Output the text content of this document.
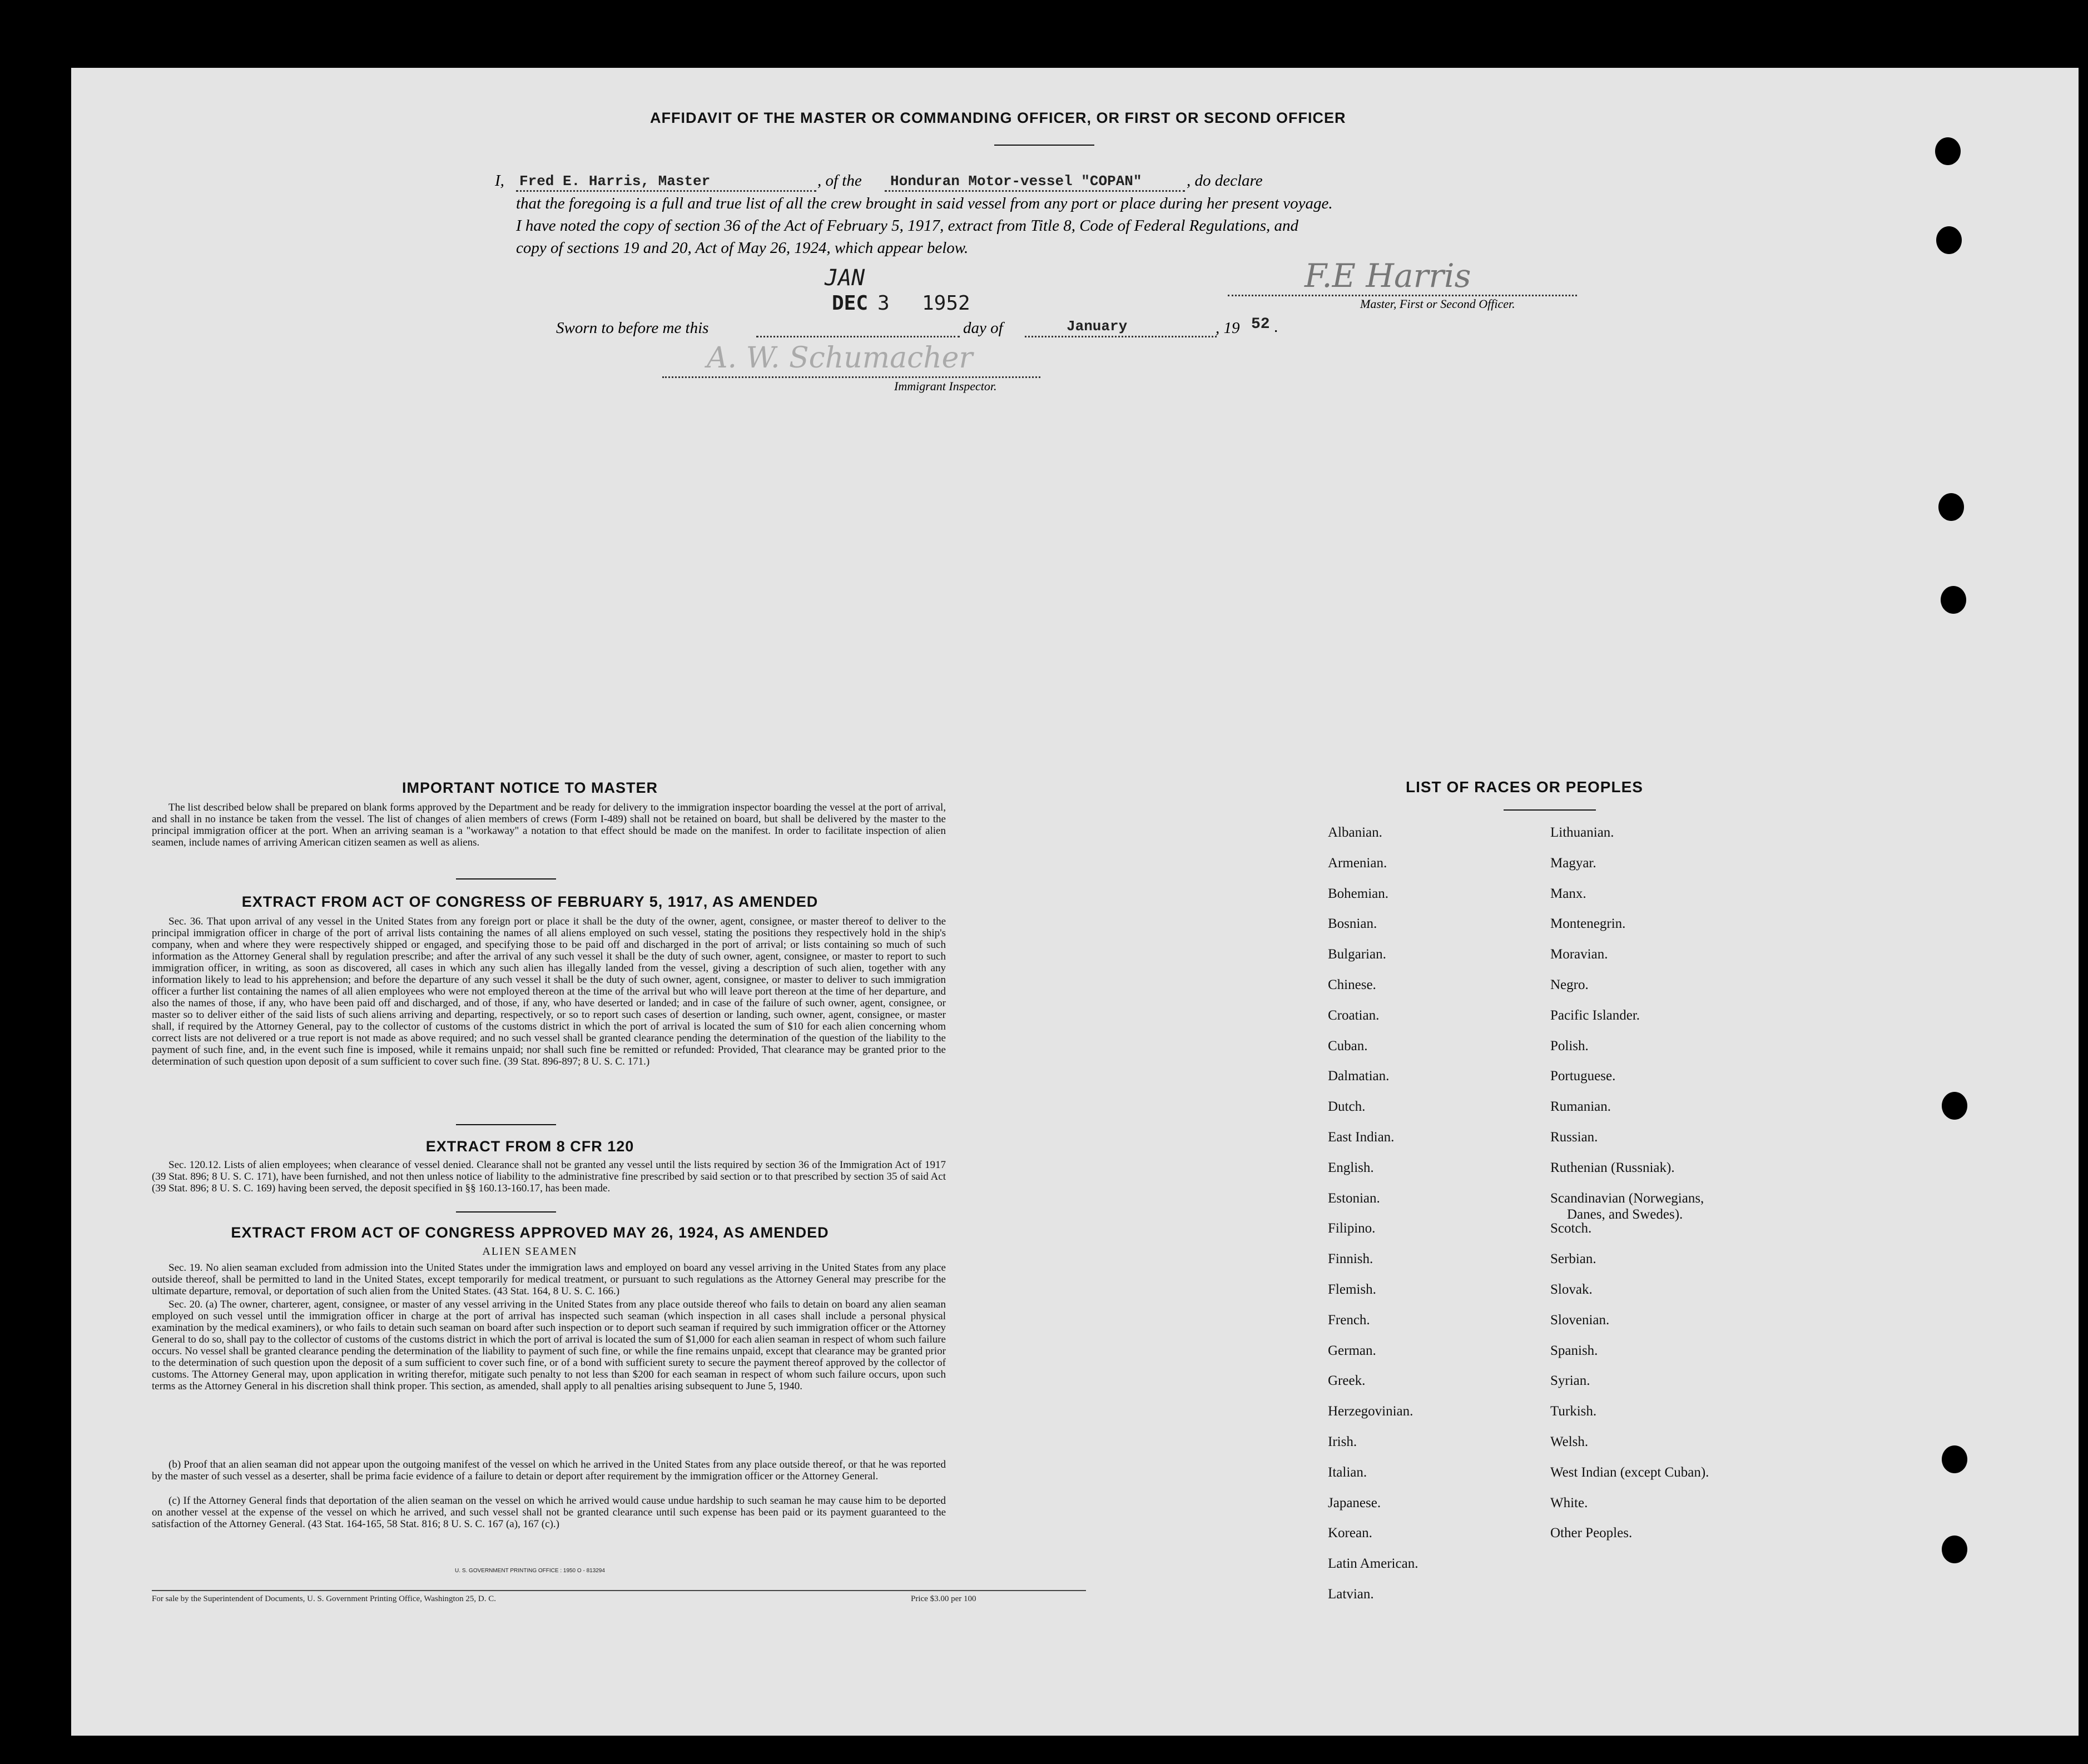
AFFIDAVIT OF THE MASTER OR COMMANDING OFFICER, OR FIRST OR SECOND OFFICER
I, Fred E. Harris, Master	, of the Honduran Motor-vessel "COPAN"	, do declare
that the foregoing is a full and true list of all the crew brought in said vessel from any port or place during her present voyage.
I have noted the copy of section 36 of the Act of February 5, 1917, extract from Title 8, Code of Federal Regulations, and
copy of sections 19 and 20, Act of May 26, 1924, which appear below.
JAN
DEC 3 1952
F.E Harris
Master, First or Second Officer.
Sworn to before me this	day of	January	, 19 52 .
A. W. Schumacher
Immigrant Inspector.
IMPORTANT NOTICE TO MASTER
The list described below shall be prepared on blank forms approved by the Department and be ready for delivery to the immigration inspector boarding the vessel at the port of arrival, and shall in no instance be taken from the vessel. The list of changes of alien members of crews (Form I-489) shall not be retained on board, but shall be delivered by the master to the principal immigration officer at the port. When an arriving seaman is a "workaway" a notation to that effect should be made on the manifest. In order to facilitate inspection of alien seamen, include names of arriving American citizen seamen as well as aliens.
EXTRACT FROM ACT OF CONGRESS OF FEBRUARY 5, 1917, AS AMENDED
Sec. 36. That upon arrival of any vessel in the United States from any foreign port or place it shall be the duty of the owner, agent, consignee, or master thereof to deliver to the principal immigration officer in charge of the port of arrival lists containing the names of all aliens employed on such vessel, stating the positions they respectively hold in the ship's company, when and where they were respectively shipped or engaged, and specifying those to be paid off and discharged in the port of arrival; or lists containing so much of such information as the Attorney General shall by regulation prescribe; and after the arrival of any such vessel it shall be the duty of such owner, agent, consignee, or master to report to such immigration officer, in writing, as soon as discovered, all cases in which any such alien has illegally landed from the vessel, giving a description of such alien, together with any information likely to lead to his apprehension; and before the departure of any such vessel it shall be the duty of such owner, agent, consignee, or master to deliver to such immigration officer a further list containing the names of all alien employees who were not employed thereon at the time of the arrival but who will leave port thereon at the time of her departure, and also the names of those, if any, who have been paid off and discharged, and of those, if any, who have deserted or landed; and in case of the failure of such owner, agent, consignee, or master so to deliver either of the said lists of such aliens arriving and departing, respectively, or so to report such cases of desertion or landing, such owner, agent, consignee, or master shall, if required by the Attorney General, pay to the collector of customs of the customs district in which the port of arrival is located the sum of $10 for each alien concerning whom correct lists are not delivered or a true report is not made as above required; and no such vessel shall be granted clearance pending the determination of the question of the liability to the payment of such fine, and, in the event such fine is imposed, while it remains unpaid; nor shall such fine be remitted or refunded: Provided, That clearance may be granted prior to the determination of such question upon deposit of a sum sufficient to cover such fine. (39 Stat. 896-897; 8 U. S. C. 171.)
EXTRACT FROM 8 CFR 120
Sec. 120.12. Lists of alien employees; when clearance of vessel denied. Clearance shall not be granted any vessel until the lists required by section 36 of the Immigration Act of 1917 (39 Stat. 896; 8 U. S. C. 171), have been furnished, and not then unless notice of liability to the administrative fine prescribed by said section or to that prescribed by section 35 of said Act (39 Stat. 896; 8 U. S. C. 169) having been served, the deposit specified in §§ 160.13-160.17, has been made.
EXTRACT FROM ACT OF CONGRESS APPROVED MAY 26, 1924, AS AMENDED
ALIEN SEAMEN
Sec. 19. No alien seaman excluded from admission into the United States under the immigration laws and employed on board any vessel arriving in the United States from any place outside thereof, shall be permitted to land in the United States, except temporarily for medical treatment, or pursuant to such regulations as the Attorney General may prescribe for the ultimate departure, removal, or deportation of such alien from the United States. (43 Stat. 164, 8 U. S. C. 166.)
Sec. 20. (a) The owner, charterer, agent, consignee, or master of any vessel arriving in the United States from any place outside thereof who fails to detain on board any alien seaman employed on such vessel until the immigration officer in charge at the port of arrival has inspected such seaman (which inspection in all cases shall include a personal physical examination by the medical examiners), or who fails to detain such seaman on board after such inspection or to deport such seaman if required by such immigration officer or the Attorney General to do so, shall pay to the collector of customs of the customs district in which the port of arrival is located the sum of $1,000 for each alien seaman in respect of whom such failure occurs. No vessel shall be granted clearance pending the determination of the liability to payment of such fine, or while the fine remains unpaid, except that clearance may be granted prior to the determination of such question upon the deposit of a sum sufficient to cover such fine, or of a bond with sufficient surety to secure the payment thereof approved by the collector of customs. The Attorney General may, upon application in writing therefor, mitigate such penalty to not less than $200 for each seaman in respect of whom such failure occurs, upon such terms as the Attorney General in his discretion shall think proper. This section, as amended, shall apply to all penalties arising subsequent to June 5, 1940.
(b) Proof that an alien seaman did not appear upon the outgoing manifest of the vessel on which he arrived in the United States from any place outside thereof, or that he was reported by the master of such vessel as a deserter, shall be prima facie evidence of a failure to detain or deport after requirement by the immigration officer or the Attorney General.
(c) If the Attorney General finds that deportation of the alien seaman on the vessel on which he arrived would cause undue hardship to such seaman he may cause him to be deported on another vessel at the expense of the vessel on which he arrived, and such vessel shall not be granted clearance until such expense has been paid or its payment guaranteed to the satisfaction of the Attorney General. (43 Stat. 164-165, 58 Stat. 816; 8 U. S. C. 167 (a), 167 (c).)
U. S. GOVERNMENT PRINTING OFFICE : 1950 O - 813294
For sale by the Superintendent of Documents, U. S. Government Printing Office, Washington 25, D. C.	Price $3.00 per 100
LIST OF RACES OR PEOPLES
Albanian.
Armenian.
Bohemian.
Bosnian.
Bulgarian.
Chinese.
Croatian.
Cuban.
Dalmatian.
Dutch.
East Indian.
English.
Estonian.
Filipino.
Finnish.
Flemish.
French.
German.
Greek.
Herzegovinian.
Irish.
Italian.
Japanese.
Korean.
Latin American.
Latvian.
Lithuanian.
Magyar.
Manx.
Montenegrin.
Moravian.
Negro.
Pacific Islander.
Polish.
Portuguese.
Rumanian.
Russian.
Ruthenian (Russniak).
Scandinavian (Norwegians,
Danes, and Swedes).
Scotch.
Serbian.
Slovak.
Slovenian.
Spanish.
Syrian.
Turkish.
Welsh.
West Indian (except Cuban).
White.
Other Peoples.
